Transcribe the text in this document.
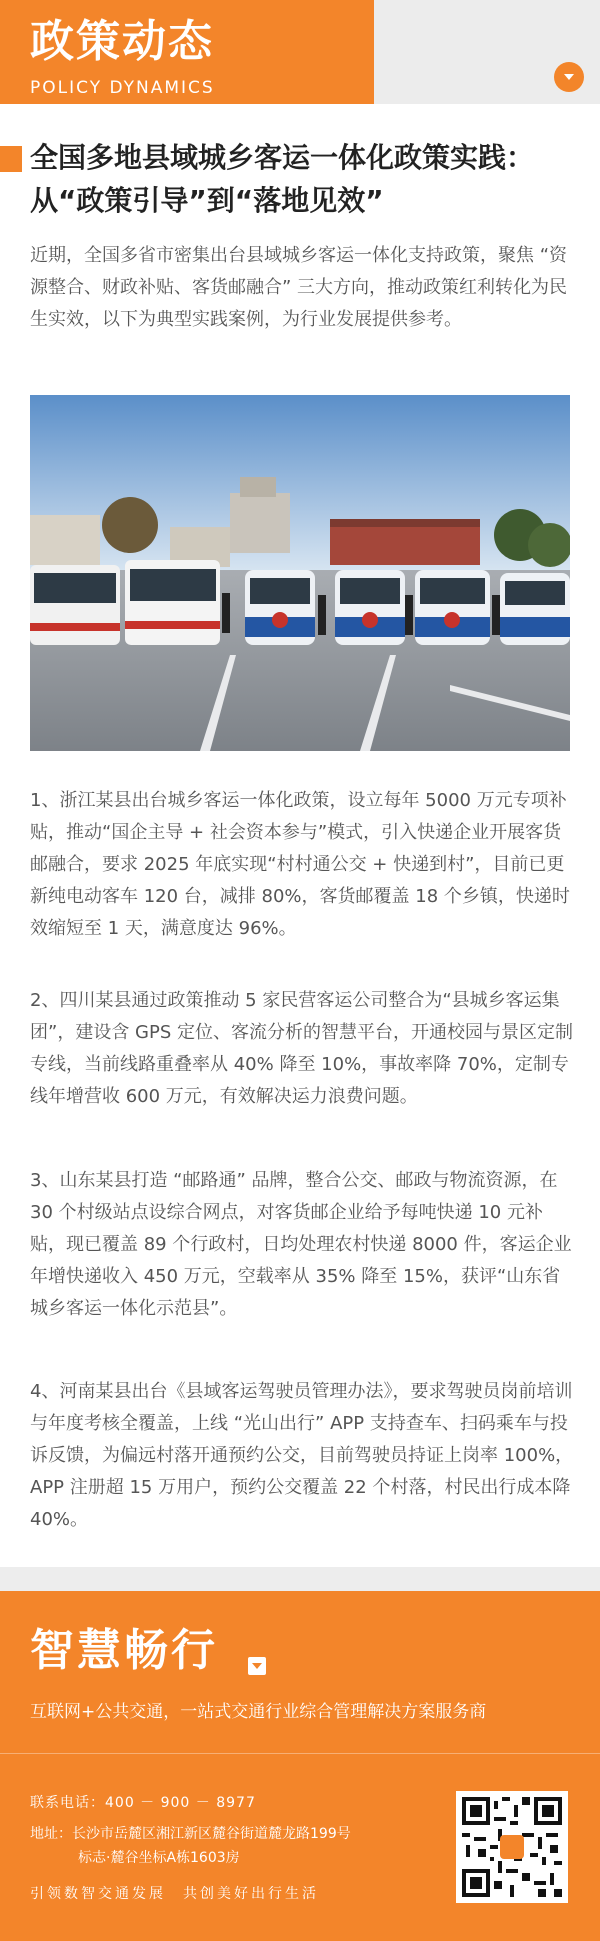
政策动态
POLICY DYNAMICS
全国多地县域城乡客运一体化政策实践：从“政策引导”到“落地见效”
近期，全国多省市密集出台县域城乡客运一体化支持政策，聚焦 “资源整合、财政补贴、客货邮融合” 三大方向，推动政策红利转化为民生实效，以下为典型实践案例，为行业发展提供参考。
1、浙江某县出台城乡客运一体化政策，设立每年 5000 万元专项补贴，推动“国企主导 + 社会资本参与”模式，引入快递企业开展客货邮融合，要求 2025 年底实现“村村通公交 + 快递到村”，目前已更新纯电动客车 120 台，减排 80%，客货邮覆盖 18 个乡镇，快递时效缩短至 1 天，满意度达 96%。
2、四川某县通过政策推动 5 家民营客运公司整合为“县城乡客运集团”，建设含 GPS 定位、客流分析的智慧平台，开通校园与景区定制专线，当前线路重叠率从 40% 降至 10%，事故率降 70%，定制专线年增营收 600 万元，有效解决运力浪费问题。
3、山东某县打造 “邮路通” 品牌，整合公交、邮政与物流资源，在 30 个村级站点设综合网点，对客货邮企业给予每吨快递 10 元补贴，现已覆盖 89 个行政村，日均处理农村快递 8000 件，客运企业年增快递收入 450 万元，空载率从 35% 降至 15%，获评“山东省城乡客运一体化示范县”。
4、河南某县出台《县域客运驾驶员管理办法》，要求驾驶员岗前培训与年度考核全覆盖，上线 “光山出行” APP 支持查车、扫码乘车与投诉反馈，为偏远村落开通预约公交，目前驾驶员持证上岗率 100%，APP 注册超 15 万用户，预约公交覆盖 22 个村落，村民出行成本降 40%。
智慧畅行
互联网+公共交通，一站式交通行业综合管理解决方案服务商
联系电话：400 － 900 － 8977
地址：长沙市岳麓区湘江新区麓谷街道麓龙路199号
标志·麓谷坐标A栋1603房
引领数智交通发展　共创美好出行生活
